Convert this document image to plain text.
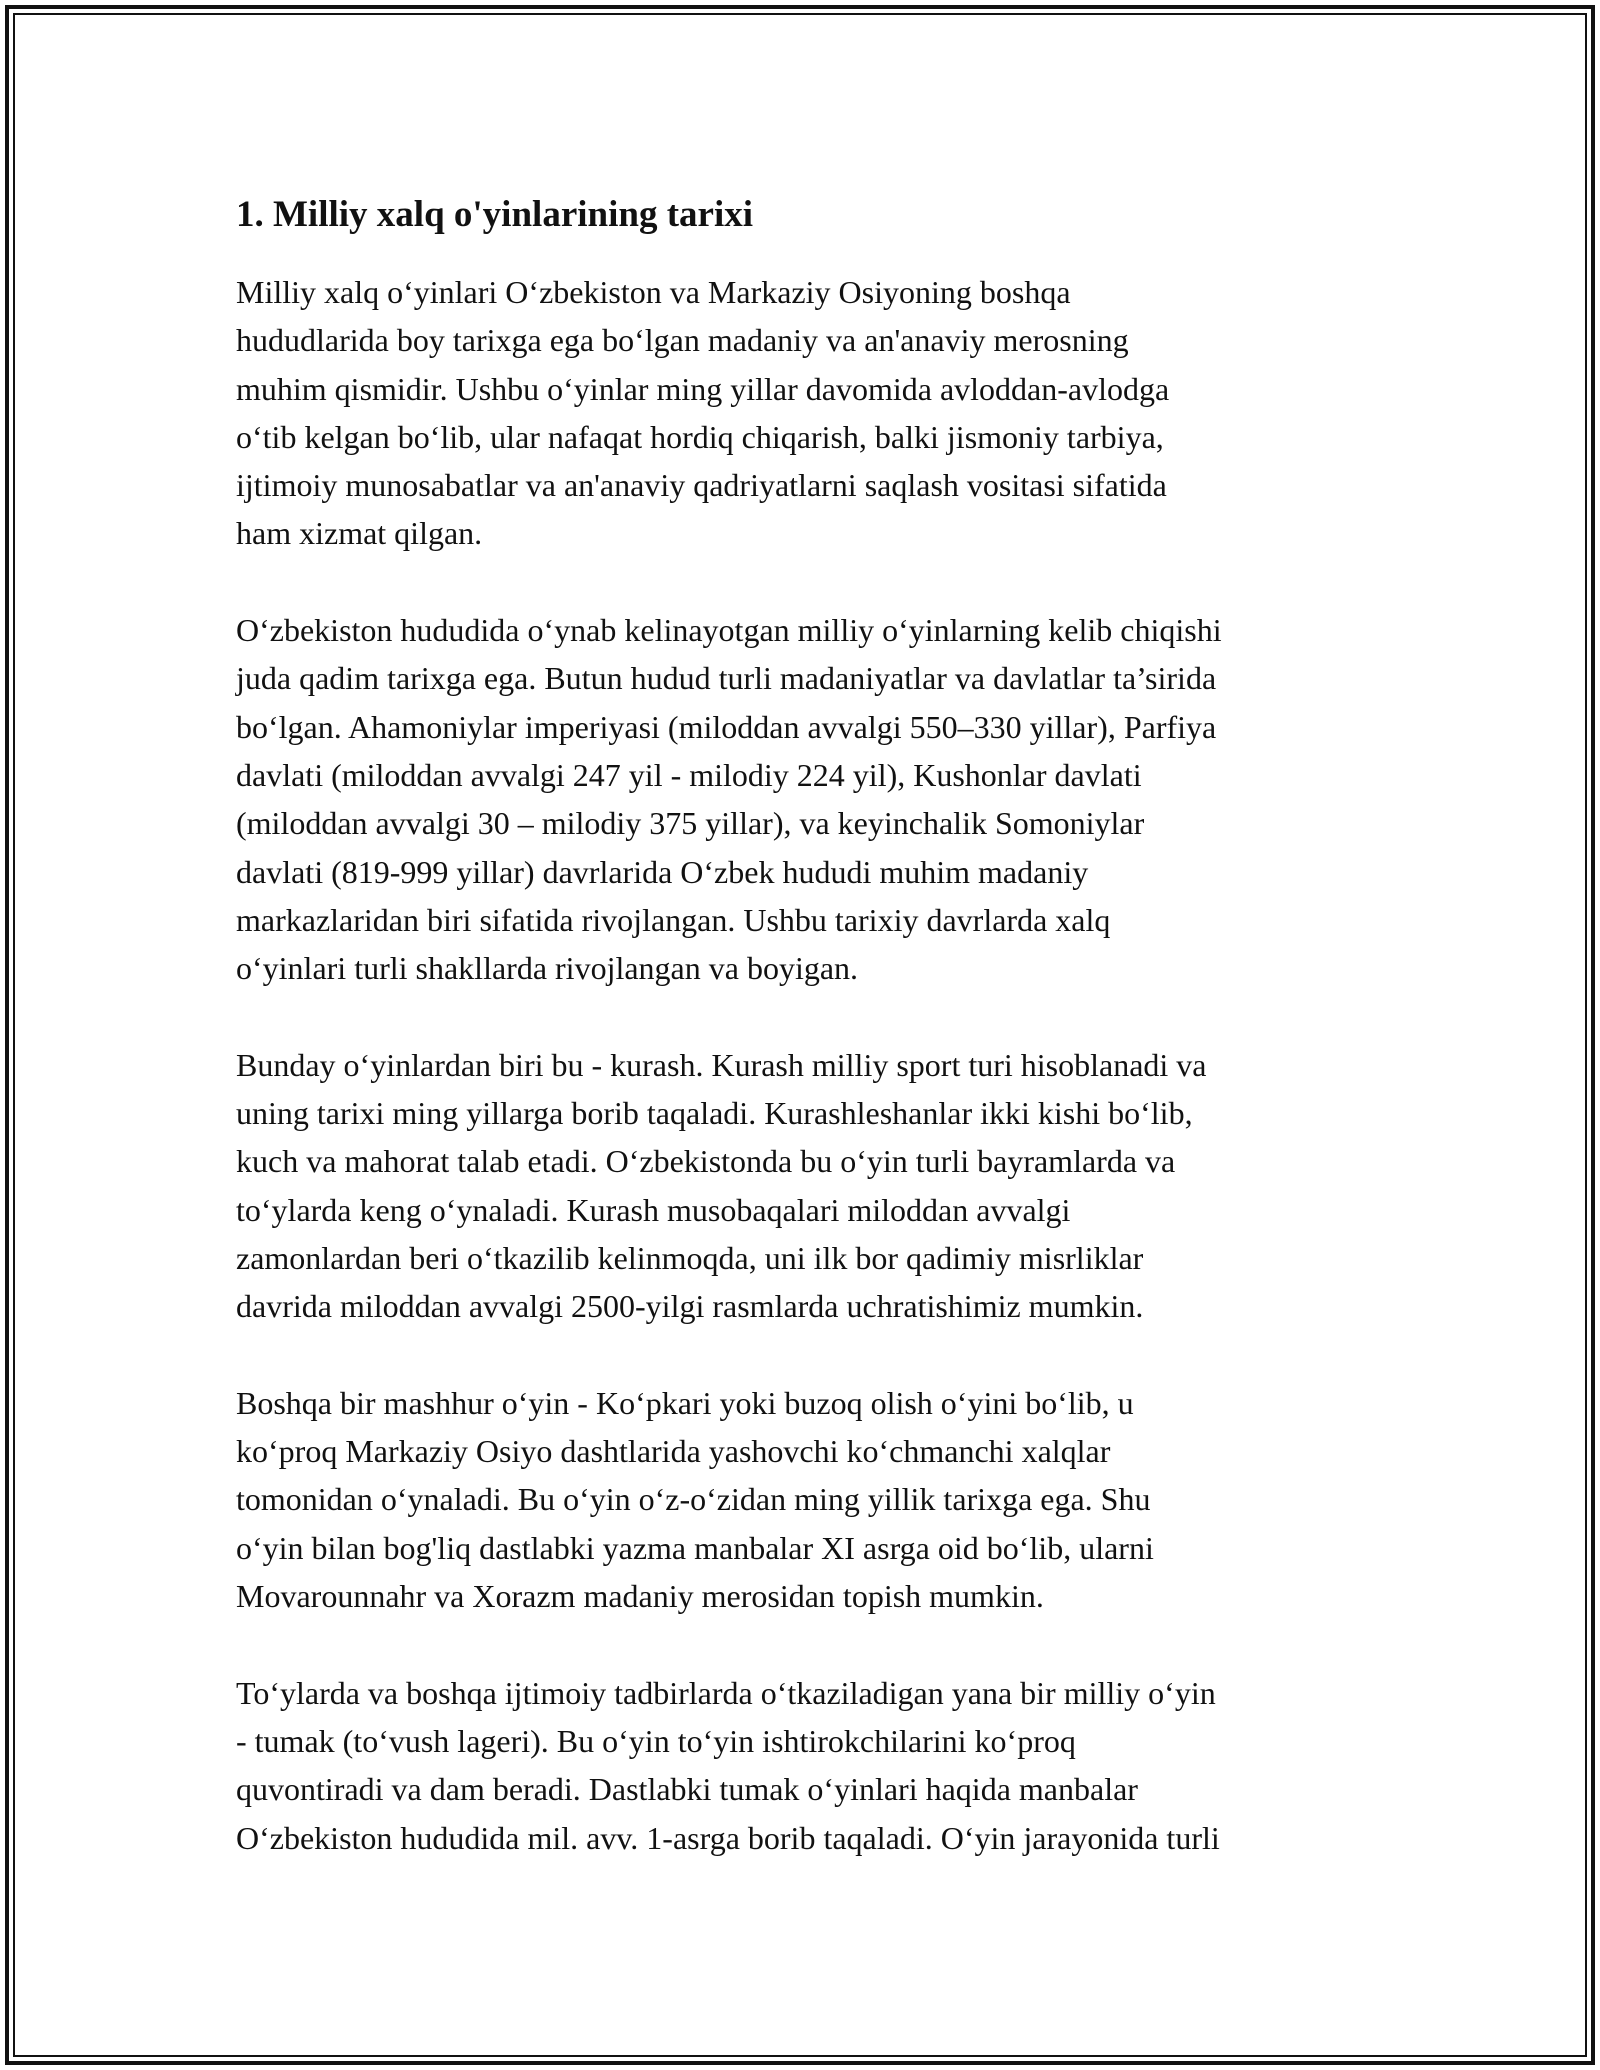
1. Milliy xalq o'yinlarining tarixi
Milliy xalq oʻyinlari Oʻzbekiston va Markaziy Osiyoning boshqa
hududlarida boy tarixga ega boʻlgan madaniy va an'anaviy merosning
muhim qismidir. Ushbu oʻyinlar ming yillar davomida avloddan-avlodga
oʻtib kelgan boʻlib, ular nafaqat hordiq chiqarish, balki jismoniy tarbiya,
ijtimoiy munosabatlar va an'anaviy qadriyatlarni saqlash vositasi sifatida
ham xizmat qilgan.
Oʻzbekiston hududida oʻynab kelinayotgan milliy oʻyinlarning kelib chiqishi
juda qadim tarixga ega. Butun hudud turli madaniyatlar va davlatlar ta’sirida
boʻlgan. Ahamoniylar imperiyasi (miloddan avvalgi 550–330 yillar), Parfiya
davlati (miloddan avvalgi 247 yil - milodiy 224 yil), Kushonlar davlati
(miloddan avvalgi 30 – milodiy 375 yillar), va keyinchalik Somoniylar
davlati (819-999 yillar) davrlarida Oʻzbek hududi muhim madaniy
markazlaridan biri sifatida rivojlangan. Ushbu tarixiy davrlarda xalq
oʻyinlari turli shakllarda rivojlangan va boyigan.
Bunday oʻyinlardan biri bu - kurash. Kurash milliy sport turi hisoblanadi va
uning tarixi ming yillarga borib taqaladi. Kurashleshanlar ikki kishi boʻlib,
kuch va mahorat talab etadi. Oʻzbekistonda bu oʻyin turli bayramlarda va
toʻylarda keng oʻynaladi. Kurash musobaqalari miloddan avvalgi
zamonlardan beri oʻtkazilib kelinmoqda, uni ilk bor qadimiy misrliklar
davrida miloddan avvalgi 2500-yilgi rasmlarda uchratishimiz mumkin.
Boshqa bir mashhur oʻyin - Koʻpkari yoki buzoq olish oʻyini boʻlib, u
koʻproq Markaziy Osiyo dashtlarida yashovchi koʻchmanchi xalqlar
tomonidan oʻynaladi. Bu oʻyin oʻz-oʻzidan ming yillik tarixga ega. Shu
oʻyin bilan bog'liq dastlabki yazma manbalar XI asrga oid boʻlib, ularni
Movarounnahr va Xorazm madaniy merosidan topish mumkin.
Toʻylarda va boshqa ijtimoiy tadbirlarda oʻtkaziladigan yana bir milliy oʻyin
- tumak (toʻvush lageri). Bu oʻyin toʻyin ishtirokchilarini koʻproq
quvontiradi va dam beradi. Dastlabki tumak oʻyinlari haqida manbalar
Oʻzbekiston hududida mil. avv. 1-asrga borib taqaladi. Oʻyin jarayonida turli
